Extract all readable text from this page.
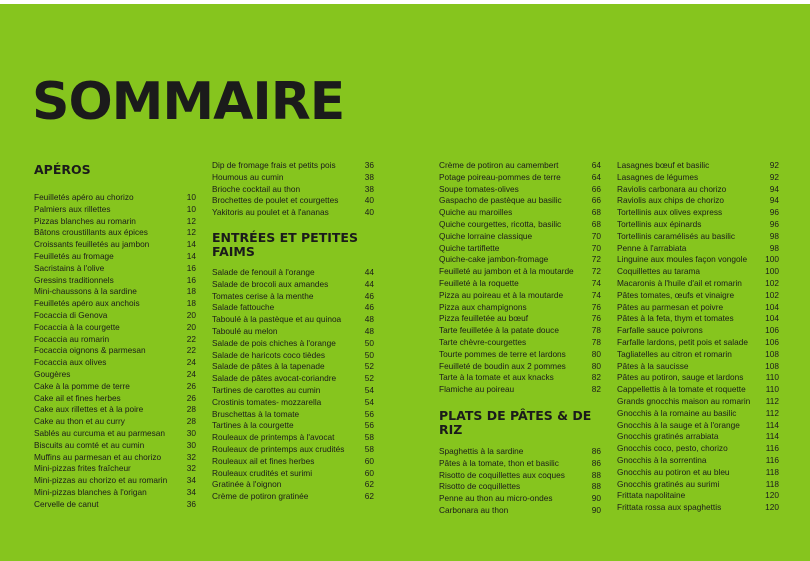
SOMMAIRE
APÉROS
Feuilletés apéro au chorizo	10
Palmiers aux rillettes	10
Pizzas blanches au romarin	12
Bâtons croustillants aux épices	12
Croissants feuilletés au jambon	14
Feuilletés au fromage	14
Sacristains à l'olive	16
Gressins traditionnels	16
Mini-chaussons à la sardine	18
Feuilletés apéro aux anchois	18
Focaccia di Genova	20
Focaccia à la courgette	20
Focaccia au romarin	22
Focaccia oignons & parmesan	22
Focaccia aux olives	24
Gougères	24
Cake à la pomme de terre	26
Cake ail et fines herbes	26
Cake aux rillettes et à la poire	28
Cake au thon et au curry	28
Sablés au curcuma et au parmesan	30
Biscuits au comté et au cumin	30
Muffins au parmesan et au chorizo	32
Mini-pizzas frites fraîcheur	32
Mini-pizzas au chorizo et au romarin	34
Mini-pizzas blanches à l'origan	34
Cervelle de canut	36
Dip de fromage frais et petits pois	36
Houmous au cumin	38
Brioche cocktail au thon	38
Brochettes de poulet et courgettes	40
Yakitoris au poulet et à l'ananas	40
ENTRÉES ET PETITES FAIMS
Salade de fenouil à l'orange	44
Salade de brocoli aux amandes	44
Tomates cerise à la menthe	46
Salade fattouche	46
Taboulé à la pastèque et au quinoa	48
Taboulé au melon	48
Salade de pois chiches à l'orange	50
Salade de haricots coco tièdes	50
Salade de pâtes à la tapenade	52
Salade de pâtes avocat-coriandre	52
Tartines de carottes au cumin	54
Crostinis tomates- mozzarella	54
Bruschettas à la tomate	56
Tartines à la courgette	56
Rouleaux de printemps à l'avocat	58
Rouleaux de printemps aux crudités	58
Rouleaux ail et fines herbes	60
Rouleaux crudités et surimi	60
Gratinée à l'oignon	62
Crème de potiron gratinée	62
Crème de potiron au camembert	64
Potage poireau-pommes de terre	64
Soupe tomates-olives	66
Gaspacho de pastèque au basilic	66
Quiche au maroilles	68
Quiche courgettes, ricotta, basilic	68
Quiche lorraine classique	70
Quiche tartiflette	70
Quiche-cake jambon-fromage	72
Feuilleté au jambon et à la moutarde	72
Feuilleté à la roquette	74
Pizza au poireau et à la moutarde	74
Pizza aux champignons	76
Pizza feuilletée au bœuf	76
Tarte feuilletée à la patate douce	78
Tarte chèvre-courgettes	78
Tourte pommes de terre et lardons	80
Feuilleté de boudin aux 2 pommes	80
Tarte à la tomate et aux knacks	82
Flamiche au poireau	82
PLATS DE PÂTES & DE RIZ
Spaghettis à la sardine	86
Pâtes à la tomate, thon et basilic	86
Risotto de coquillettes aux coques	88
Risotto de coquillettes	88
Penne au thon au micro-ondes	90
Carbonara au thon	90
Lasagnes bœuf et basilic	92
Lasagnes de légumes	92
Raviolis carbonara au chorizo	94
Raviolis aux chips de chorizo	94
Tortellinis aux olives express	96
Tortellinis aux épinards	96
Tortellinis caramélisés au basilic	98
Penne à l'arrabiata	98
Linguine aux moules façon vongole	100
Coquillettes au tarama	100
Macaronis à l'huile d'ail et romarin	102
Pâtes tomates, œufs et vinaigre	102
Pâtes au parmesan et poivre	104
Pâtes à la feta, thym et tomates	104
Farfalle sauce poivrons	106
Farfalle lardons, petit pois et salade	106
Tagliatelles au citron et romarin	108
Pâtes à la saucisse	108
Pâtes au potiron, sauge et lardons	110
Cappellettis à la tomate et roquette	110
Grands gnocchis maison au romarin	112
Gnocchis à la romaine au basilic	112
Gnocchis à la sauge et à l'orange	114
Gnocchis gratinés arrabiata	114
Gnocchis coco, pesto, chorizo	116
Gnocchis à la sorrentina	116
Gnocchis au potiron et au bleu	118
Gnocchis gratinés au surimi	118
Frittata napolitaine	120
Frittata rossa aux spaghettis	120
